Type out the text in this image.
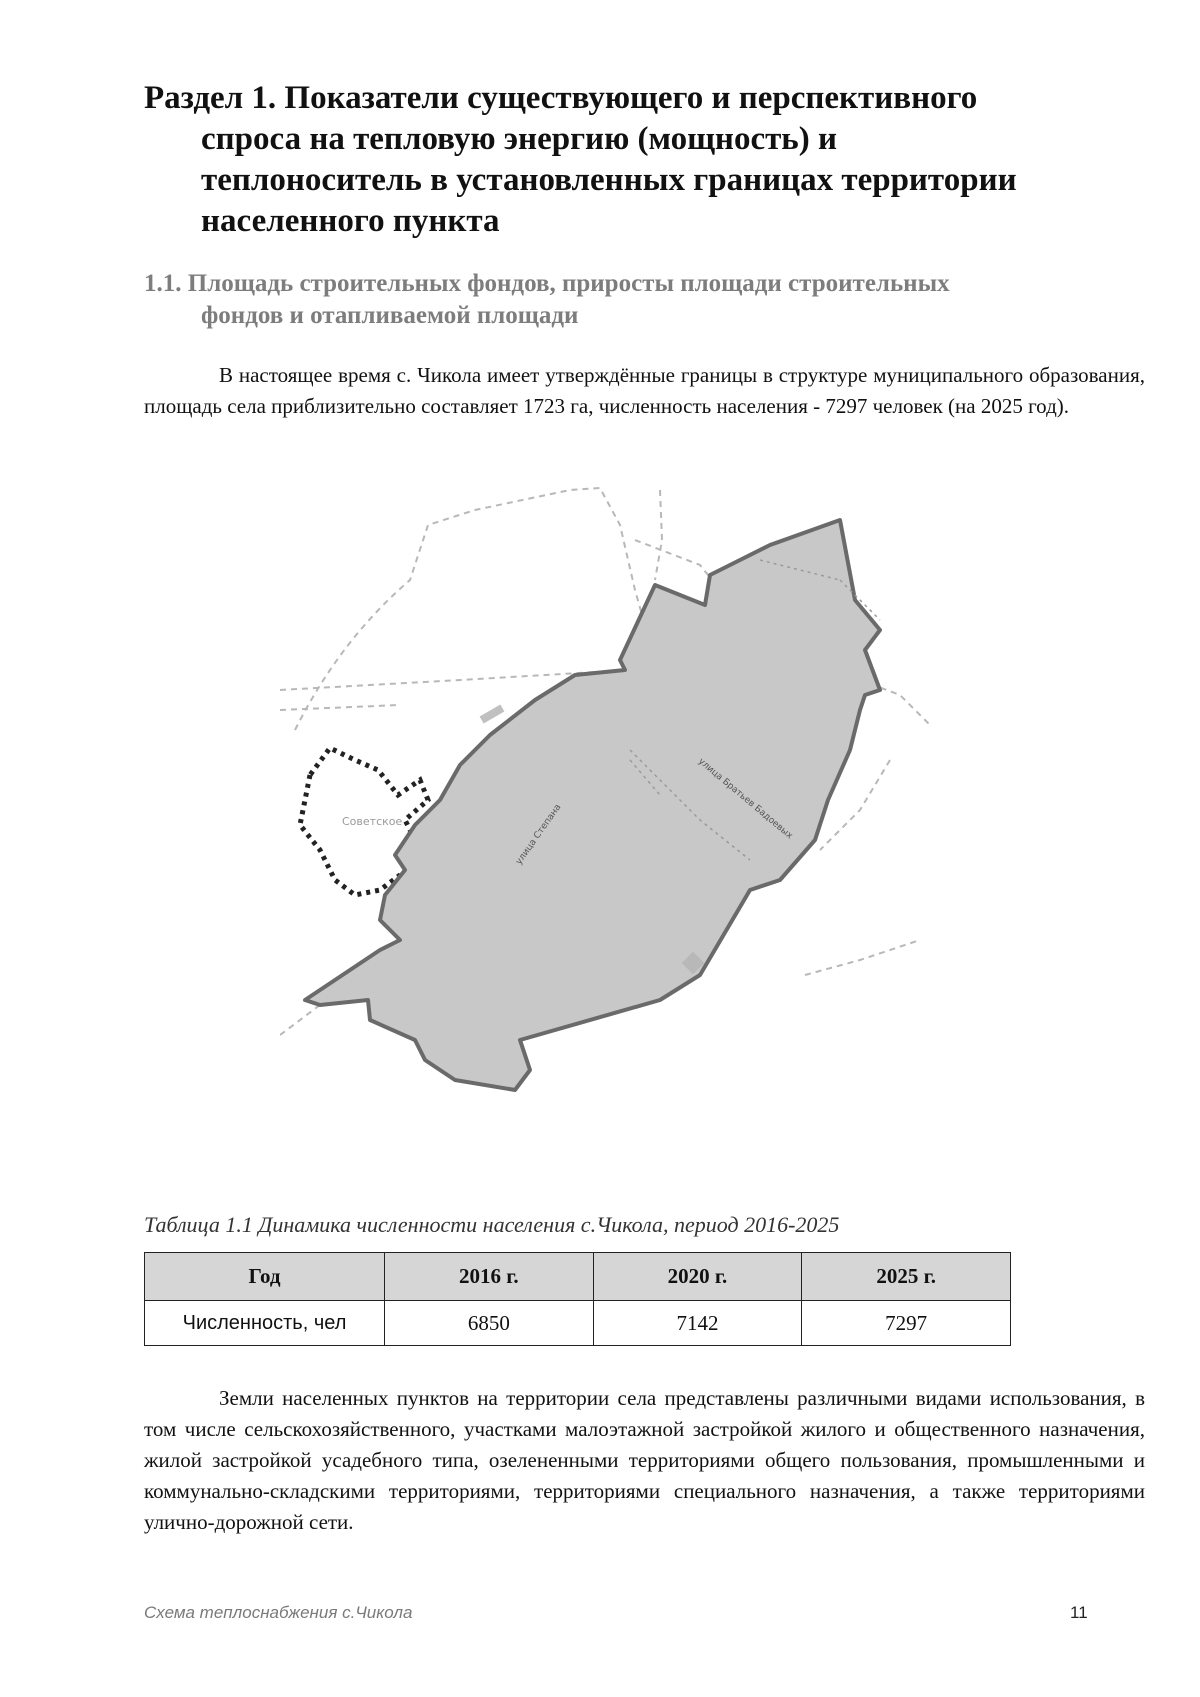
Раздел 1. Показатели существующего и перспективного
спроса на тепловую энергию (мощность) и
теплоноситель в установленных границах территории
населенного пункта
1.1. Площадь строительных фондов, приросты площади строительных
фондов и отапливаемой площади

В настоящее время с. Чикола имеет утверждённые границы в структуре муниципального образования, площадь села приблизительно составляет 1723 га, численность населения - 7297 человек (на 2025 год).

Советское	улица Степана	улица Братьев Бадоевых
Таблица 1.1 Динамика численности населения с.Чикола, период 2016-2025
Год	2016 г.	2020 г.	2025 г.
Численность, чел	6850	7142	7297

Земли населенных пунктов на территории села представлены различными видами использования, в том числе сельскохозяйственного, участками малоэтажной застройкой жилого и общественного назначения, жилой застройкой усадебного типа, озелененными территориями общего пользования, промышленными и коммунально-складскими территориями, территориями специального назначения, а также территориями улично-дорожной сети.

Схема теплоснабжения с.Чикола	11
